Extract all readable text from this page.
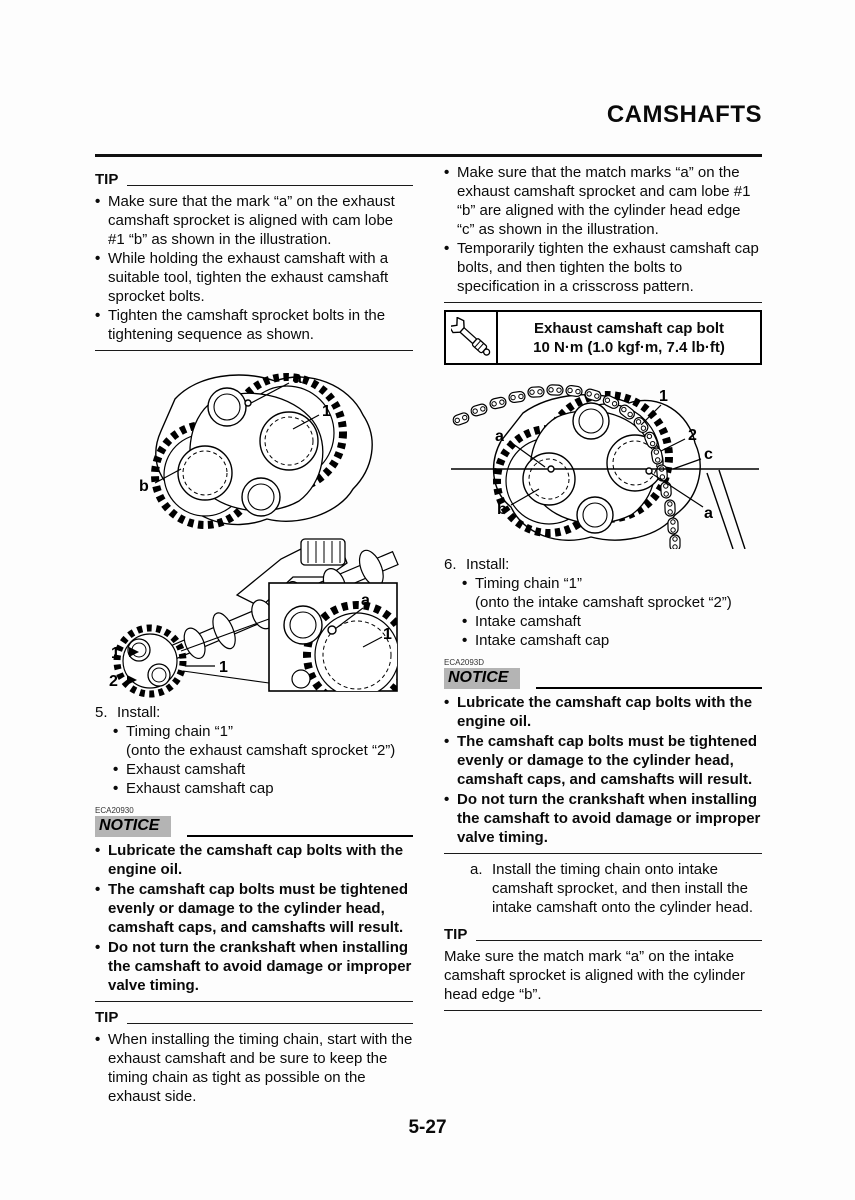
CAMSHAFTS
TIP
• Make sure that the mark “a” on the exhaust camshaft sprocket is aligned with cam lobe #1 “b” as shown in the illustration.
• While holding the exhaust camshaft with a suitable tool, tighten the exhaust camshaft sprocket bolts.
• Tighten the camshaft sprocket bolts in the tightening sequence as shown.
a
1
b
1
2
1
a
1
5. Install:
• Timing chain “1”
(onto the exhaust camshaft sprocket “2”)
• Exhaust camshaft
• Exhaust camshaft cap
ECA20930
NOTICE
• Lubricate the camshaft cap bolts with the engine oil.
• The camshaft cap bolts must be tightened evenly or damage to the cylinder head, camshaft caps, and camshafts will result.
• Do not turn the crankshaft when installing the camshaft to avoid damage or improper valve timing.
TIP
• When installing the timing chain, start with the exhaust camshaft and be sure to keep the timing chain as tight as possible on the exhaust side.
• Make sure that the match marks “a” on the exhaust camshaft sprocket and cam lobe #1 “b” are aligned with the cylinder head edge “c” as shown in the illustration.
• Temporarily tighten the exhaust camshaft cap bolts, and then tighten the bolts to specification in a crisscross pattern.
Exhaust camshaft cap bolt
10 N·m (1.0 kgf·m, 7.4 lb·ft)
1
2
c
a
b	a
6. Install:
• Timing chain “1”
(onto the intake camshaft sprocket “2”)
• Intake camshaft
• Intake camshaft cap
ECA2093D
NOTICE
• Lubricate the camshaft cap bolts with the engine oil.
• The camshaft cap bolts must be tightened evenly or damage to the cylinder head, camshaft caps, and camshafts will result.
• Do not turn the crankshaft when installing the camshaft to avoid damage or improper valve timing.
a. Install the timing chain onto intake camshaft sprocket, and then install the intake camshaft onto the cylinder head.
TIP
Make sure the match mark “a” on the intake camshaft sprocket is aligned with the cylinder head edge “b”.
5-27
